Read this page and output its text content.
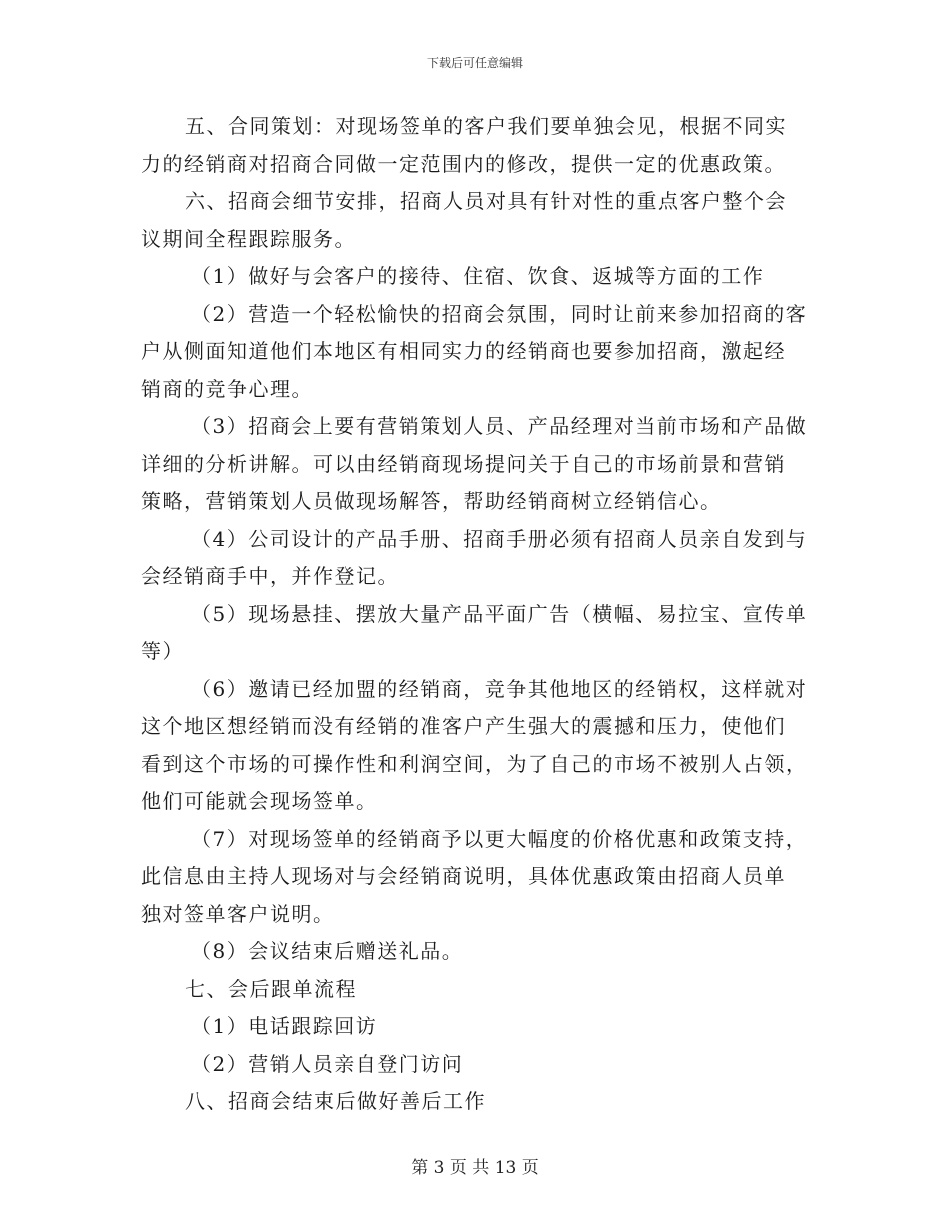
下载后可任意编辑
五、合同策划：对现场签单的客户我们要单独会见，根据不同实
力的经销商对招商合同做一定范围内的修改，提供一定的优惠政策。
六、招商会细节安排，招商人员对具有针对性的重点客户整个会
议期间全程跟踪服务。
（1）做好与会客户的接待、住宿、饮食、返城等方面的工作
（2）营造一个轻松愉快的招商会氛围，同时让前来参加招商的客
户从侧面知道他们本地区有相同实力的经销商也要参加招商，激起经
销商的竞争心理。
（3）招商会上要有营销策划人员、产品经理对当前市场和产品做
详细的分析讲解。可以由经销商现场提问关于自己的市场前景和营销
策略，营销策划人员做现场解答，帮助经销商树立经销信心。
（4）公司设计的产品手册、招商手册必须有招商人员亲自发到与
会经销商手中，并作登记。
（5）现场悬挂、摆放大量产品平面广告（横幅、易拉宝、宣传单
等）
（6）邀请已经加盟的经销商，竞争其他地区的经销权，这样就对
这个地区想经销而没有经销的准客户产生强大的震撼和压力，使他们
看到这个市场的可操作性和利润空间，为了自己的市场不被别人占领，
他们可能就会现场签单。
（7）对现场签单的经销商予以更大幅度的价格优惠和政策支持，
此信息由主持人现场对与会经销商说明，具体优惠政策由招商人员单
独对签单客户说明。
（8）会议结束后赠送礼品。
七、会后跟单流程
（1）电话跟踪回访
（2）营销人员亲自登门访问
八、招商会结束后做好善后工作
第 3 页 共 13 页
